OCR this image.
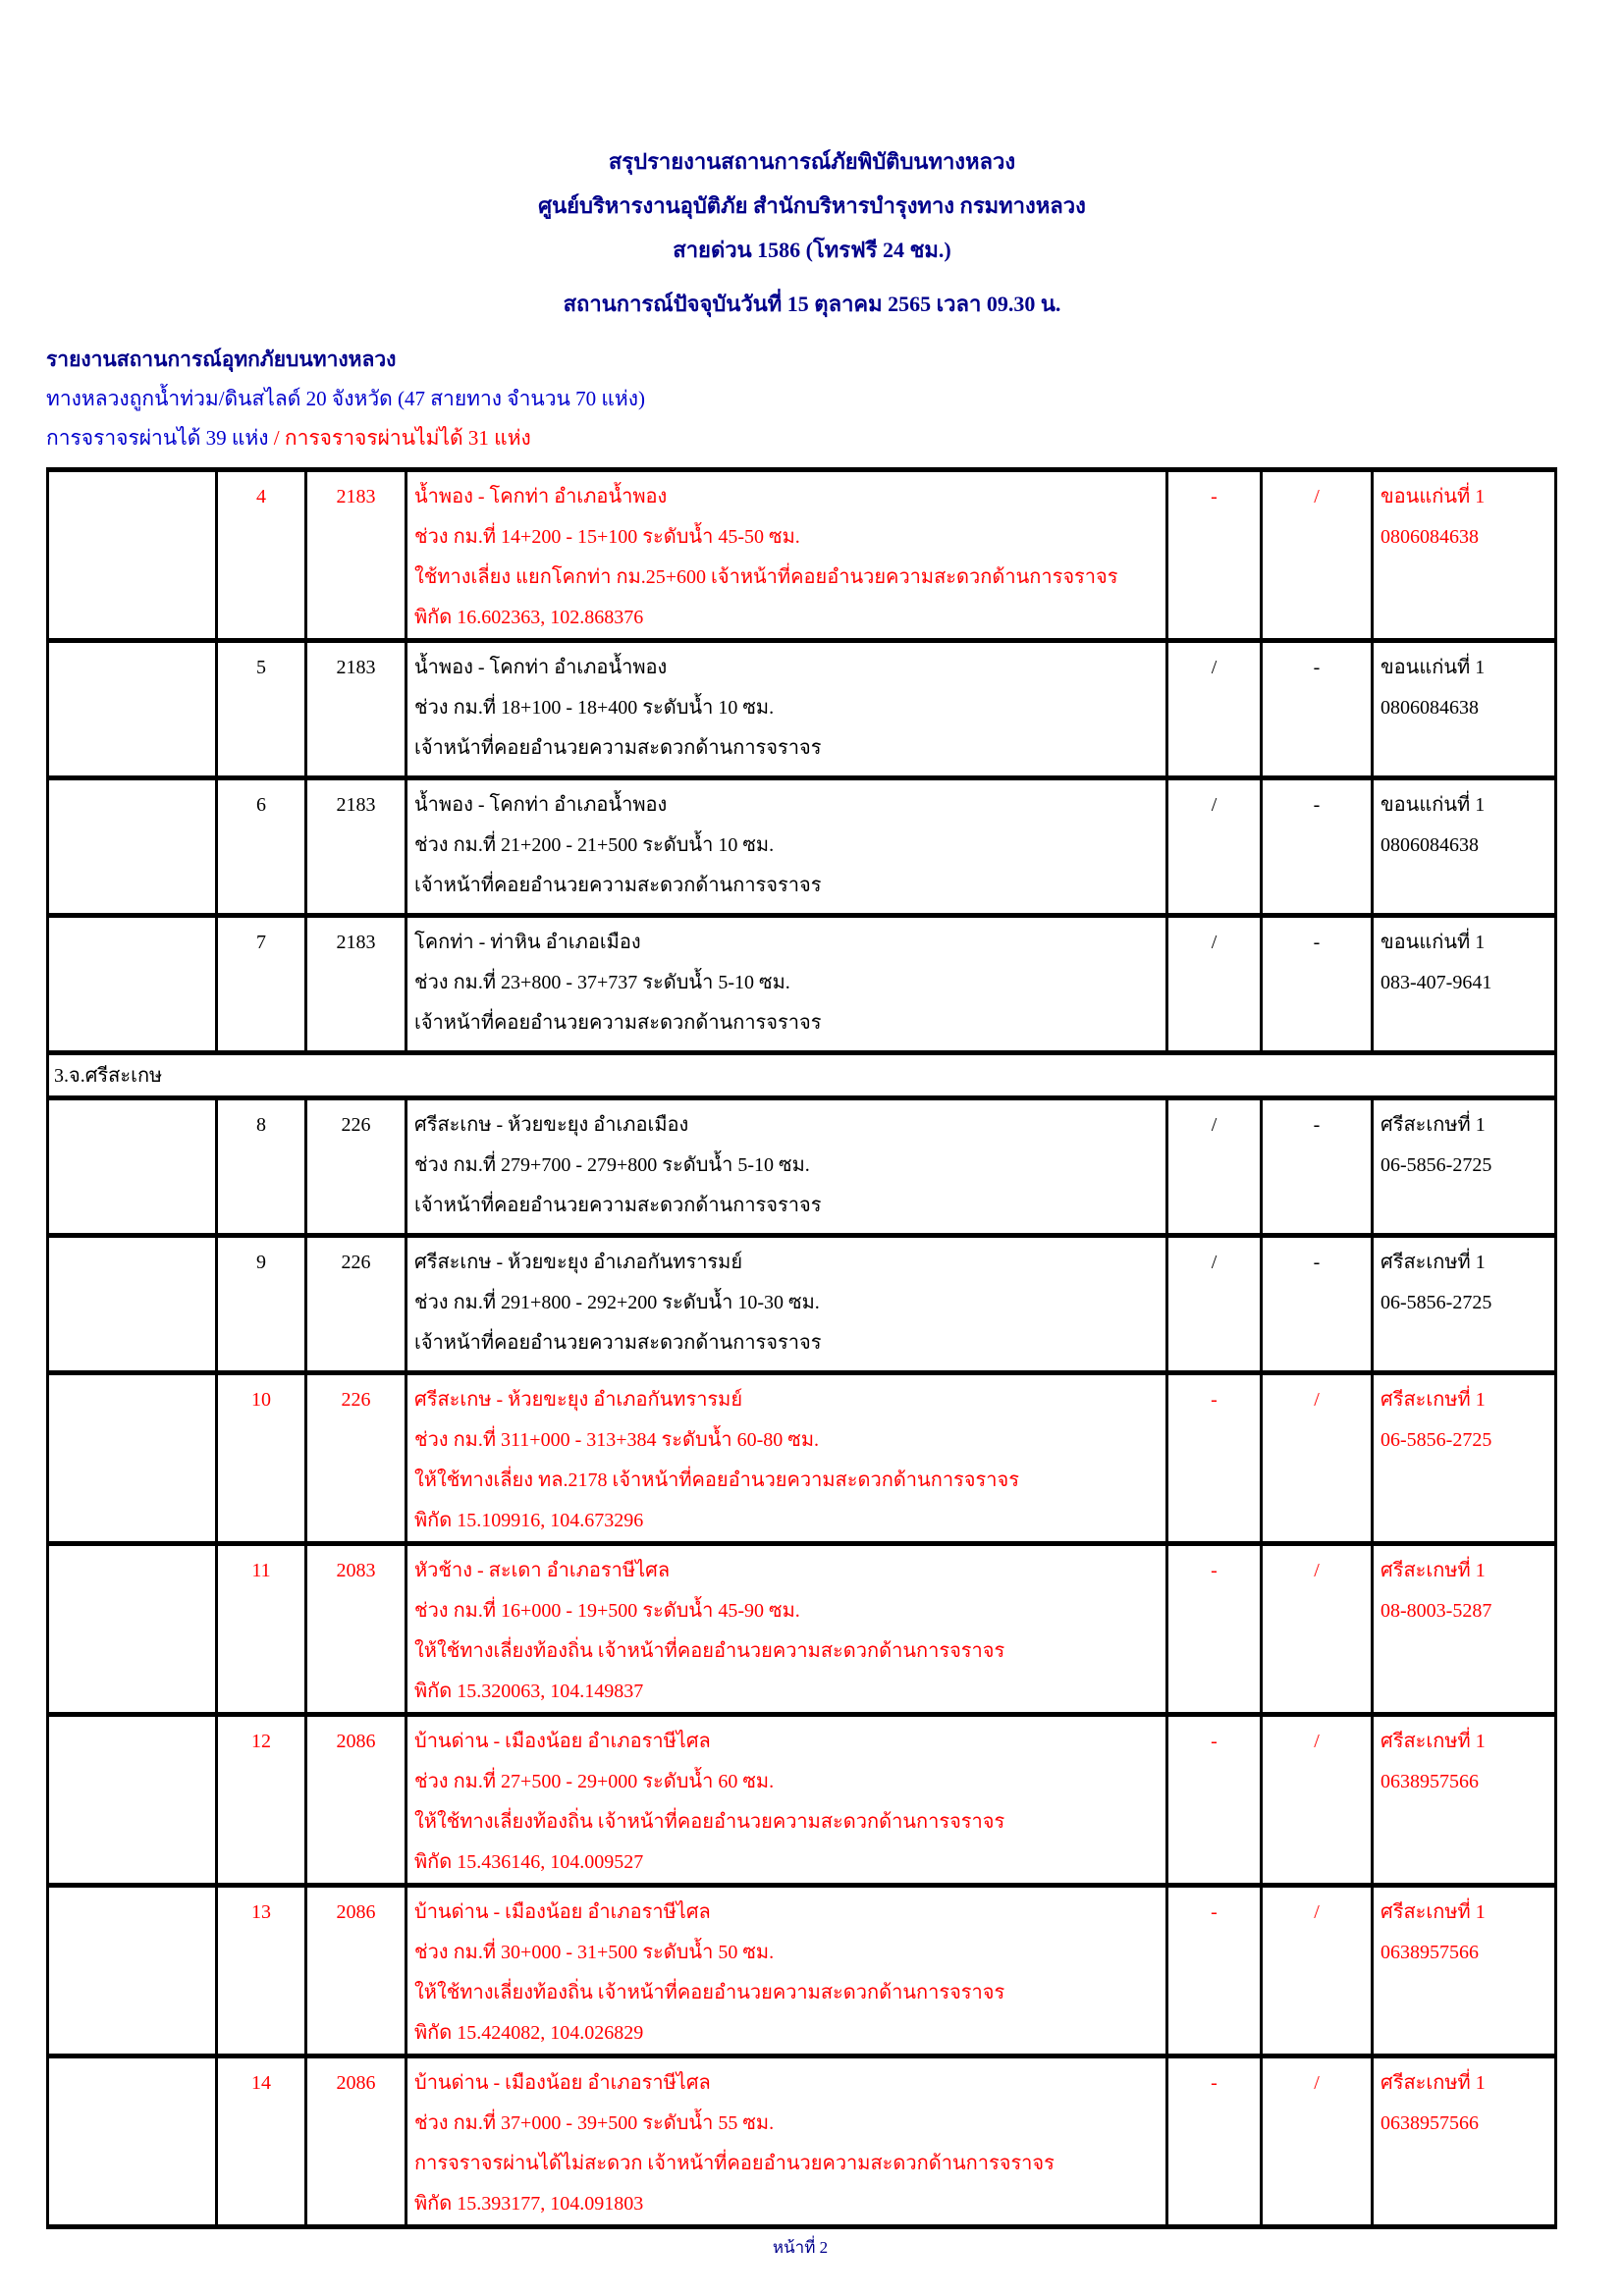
สรุปรายงานสถานการณ์ภัยพิบัติบนทางหลวง
ศูนย์บริหารงานอุบัติภัย สำนักบริหารบำรุงทาง กรมทางหลวง
สายด่วน 1586 (โทรฟรี 24 ชม.)
สถานการณ์ปัจจุบันวันที่ 15 ตุลาคม 2565 เวลา 09.30 น.
รายงานสถานการณ์อุทกภัยบนทางหลวง
ทางหลวงถูกน้ำท่วม/ดินสไลด์ 20 จังหวัด (47 สายทาง จำนวน 70 แห่ง)
การจราจรผ่านได้ 39 แห่ง / การจราจรผ่านไม่ได้ 31 แห่ง
	4	2183	น้ำพอง - โคกท่า อำเภอน้ำพอง
ช่วง กม.ที่ 14+200 - 15+100 ระดับน้ำ 45-50 ซม.
ใช้ทางเลี่ยง แยกโคกท่า กม.25+600 เจ้าหน้าที่คอยอำนวยความสะดวกด้านการจราจร
พิกัด 16.602363, 102.868376
	-	/	ขอนแก่นที่ 1
0806084638

	5	2183	น้ำพอง - โคกท่า อำเภอน้ำพอง
ช่วง กม.ที่ 18+100 - 18+400 ระดับน้ำ 10 ซม.
เจ้าหน้าที่คอยอำนวยความสะดวกด้านการจราจร
	/	-	ขอนแก่นที่ 1
0806084638

	6	2183	น้ำพอง - โคกท่า อำเภอน้ำพอง
ช่วง กม.ที่ 21+200 - 21+500 ระดับน้ำ 10 ซม.
เจ้าหน้าที่คอยอำนวยความสะดวกด้านการจราจร
	/	-	ขอนแก่นที่ 1
0806084638

	7	2183	โคกท่า - ท่าหิน อำเภอเมือง
ช่วง กม.ที่ 23+800 - 37+737 ระดับน้ำ 5-10 ซม.
เจ้าหน้าที่คอยอำนวยความสะดวกด้านการจราจร
	/	-	ขอนแก่นที่ 1
083-407-9641

3.จ.ศรีสะเกษ						
	8	226	ศรีสะเกษ - ห้วยขะยุง อำเภอเมือง
ช่วง กม.ที่ 279+700 - 279+800 ระดับน้ำ 5-10 ซม.
เจ้าหน้าที่คอยอำนวยความสะดวกด้านการจราจร
	/	-	ศรีสะเกษที่ 1
06-5856-2725

	9	226	ศรีสะเกษ - ห้วยขะยุง อำเภอกันทรารมย์
ช่วง กม.ที่ 291+800 - 292+200 ระดับน้ำ 10-30 ซม.
เจ้าหน้าที่คอยอำนวยความสะดวกด้านการจราจร
	/	-	ศรีสะเกษที่ 1
06-5856-2725

	10	226	ศรีสะเกษ - ห้วยขะยุง อำเภอกันทรารมย์
ช่วง กม.ที่ 311+000 - 313+384 ระดับน้ำ 60-80 ซม.
ให้ใช้ทางเลี่ยง ทล.2178 เจ้าหน้าที่คอยอำนวยความสะดวกด้านการจราจร
พิกัด 15.109916, 104.673296
	-	/	ศรีสะเกษที่ 1
06-5856-2725

	11	2083	หัวช้าง - สะเดา อำเภอราษีไศล
ช่วง กม.ที่ 16+000 - 19+500 ระดับน้ำ 45-90 ซม.
ให้ใช้ทางเลี่ยงท้องถิ่น เจ้าหน้าที่คอยอำนวยความสะดวกด้านการจราจร
พิกัด 15.320063, 104.149837
	-	/	ศรีสะเกษที่ 1
08-8003-5287

	12	2086	บ้านด่าน - เมืองน้อย อำเภอราษีไศล
ช่วง กม.ที่ 27+500 - 29+000 ระดับน้ำ 60 ซม.
ให้ใช้ทางเลี่ยงท้องถิ่น เจ้าหน้าที่คอยอำนวยความสะดวกด้านการจราจร
พิกัด 15.436146, 104.009527
	-	/	ศรีสะเกษที่ 1
0638957566

	13	2086	บ้านด่าน - เมืองน้อย อำเภอราษีไศล
ช่วง กม.ที่ 30+000 - 31+500 ระดับน้ำ 50 ซม.
ให้ใช้ทางเลี่ยงท้องถิ่น เจ้าหน้าที่คอยอำนวยความสะดวกด้านการจราจร
พิกัด 15.424082, 104.026829
	-	/	ศรีสะเกษที่ 1
0638957566

	14	2086	บ้านด่าน - เมืองน้อย อำเภอราษีไศล
ช่วง กม.ที่ 37+000 - 39+500 ระดับน้ำ 55 ซม.
การจราจรผ่านได้ไม่สะดวก เจ้าหน้าที่คอยอำนวยความสะดวกด้านการจราจร
พิกัด 15.393177, 104.091803
	-	/	ศรีสะเกษที่ 1
0638957566
หน้าที่ 2
